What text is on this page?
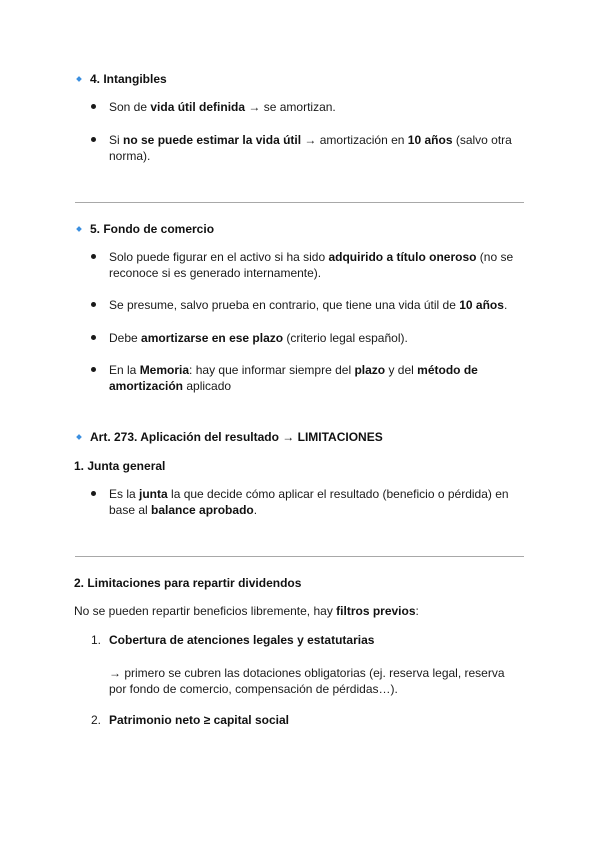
4. Intangibles
Son de vida útil definida → se amortizan.
Si no se puede estimar la vida útil → amortización en 10 años (salvo otra
norma).
5. Fondo de comercio
Solo puede figurar en el activo si ha sido adquirido a título oneroso (no se
reconoce si es generado internamente).
Se presume, salvo prueba en contrario, que tiene una vida útil de 10 años.
Debe amortizarse en ese plazo (criterio legal español).
En la Memoria: hay que informar siempre del plazo y del método de
amortización aplicado
Art. 273. Aplicación del resultado → LIMITACIONES
1. Junta general
Es la junta la que decide cómo aplicar el resultado (beneficio o pérdida) en
base al balance aprobado.
2. Limitaciones para repartir dividendos
No se pueden repartir beneficios libremente, hay filtros previos:
1. Cobertura de atenciones legales y estatutarias
→ primero se cubren las dotaciones obligatorias (ej. reserva legal, reserva
por fondo de comercio, compensación de pérdidas…).
2. Patrimonio neto ≥ capital social
